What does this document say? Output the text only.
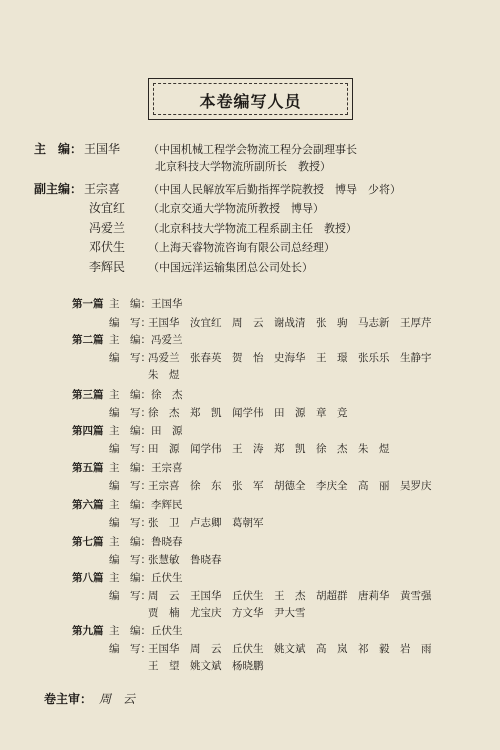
本卷编写人员
主　编： 王国华	（中国机械工程学会物流工程分会副理事长
北京科技大学物流所副所长　教授）
副主编： 王宗喜	（中国人民解放军后勤指挥学院教授　博导　少将）
汝宜红 （北京交通大学物流所教授　博导）
冯爱兰 （北京科技大学物流工程系副主任　教授）
邓伏生 （上海天睿物流咨询有限公司总经理）
李辉民 （中国远洋运输集团总公司处长）
第一篇 主　编：王国华
编　写：
王国华　汝宜红　周　云　谢战清　张　驹　马志新　王厚芹
第二篇 主　编：冯爱兰
编　写：
冯爱兰　张春英　贺　怡　史海华　王　璟　张乐乐　生静宇
朱　煜
第三篇 主　编：徐　杰
编　写：
徐　杰　郑　凯　闻学伟　田　源　章　竞
第四篇 主　编：田　源
编　写：
田　源　闻学伟　王　涛　郑　凯　徐　杰　朱　煜
第五篇 主　编：王宗喜
编　写：
王宗喜　徐　东　张　军　胡德全　李庆全　高　丽　吴罗庆
第六篇 主　编：李辉民
编　写：
张　卫　卢志卿　葛朝军
第七篇 主　编：鲁晓春
编　写：
张慧敏　鲁晓春
第八篇 主　编：丘伏生
编　写：
周　云　王国华　丘伏生　王　杰　胡超群　唐莉华　黄雪强
贾　楠　尤宝庆　方文华　尹大雪
第九篇 主　编：丘伏生
编　写：
王国华　周　云　丘伏生　姚文斌　高　岚　祁　毅　岩　雨
王　望　姚文斌　杨晓鹏
卷主审： 周　云
